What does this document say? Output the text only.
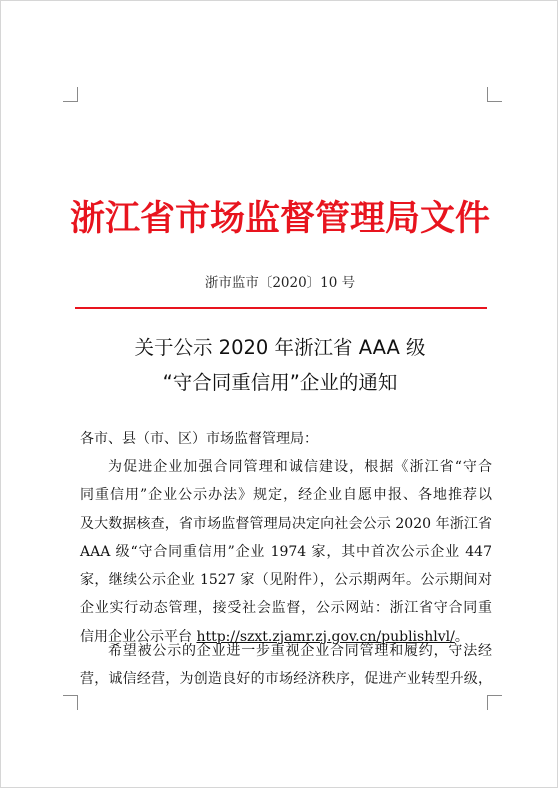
浙江省市场监督管理局文件
浙市监市〔2020〕10 号
关于公示 2020 年浙江省 AAA 级
“守合同重信用”企业的通知
各市、县（市、区）市场监督管理局：
为促进企业加强合同管理和诚信建设，根据《浙江省“守合
同重信用”企业公示办法》规定，经企业自愿申报、各地推荐以
及大数据核查，省市场监督管理局决定向社会公示 2020 年浙江省
AAA 级“守合同重信用”企业 1974 家，其中首次公示企业 447
家，继续公示企业 1527 家（见附件），公示期两年。公示期间对
企业实行动态管理，接受社会监督，公示网站：浙江省守合同重
信用企业公示平台 http://szxt.zjamr.zj.gov.cn/publishlvl/。
希望被公示的企业进一步重视企业合同管理和履约，守法经
营，诚信经营，为创造良好的市场经济秩序，促进产业转型升级，
